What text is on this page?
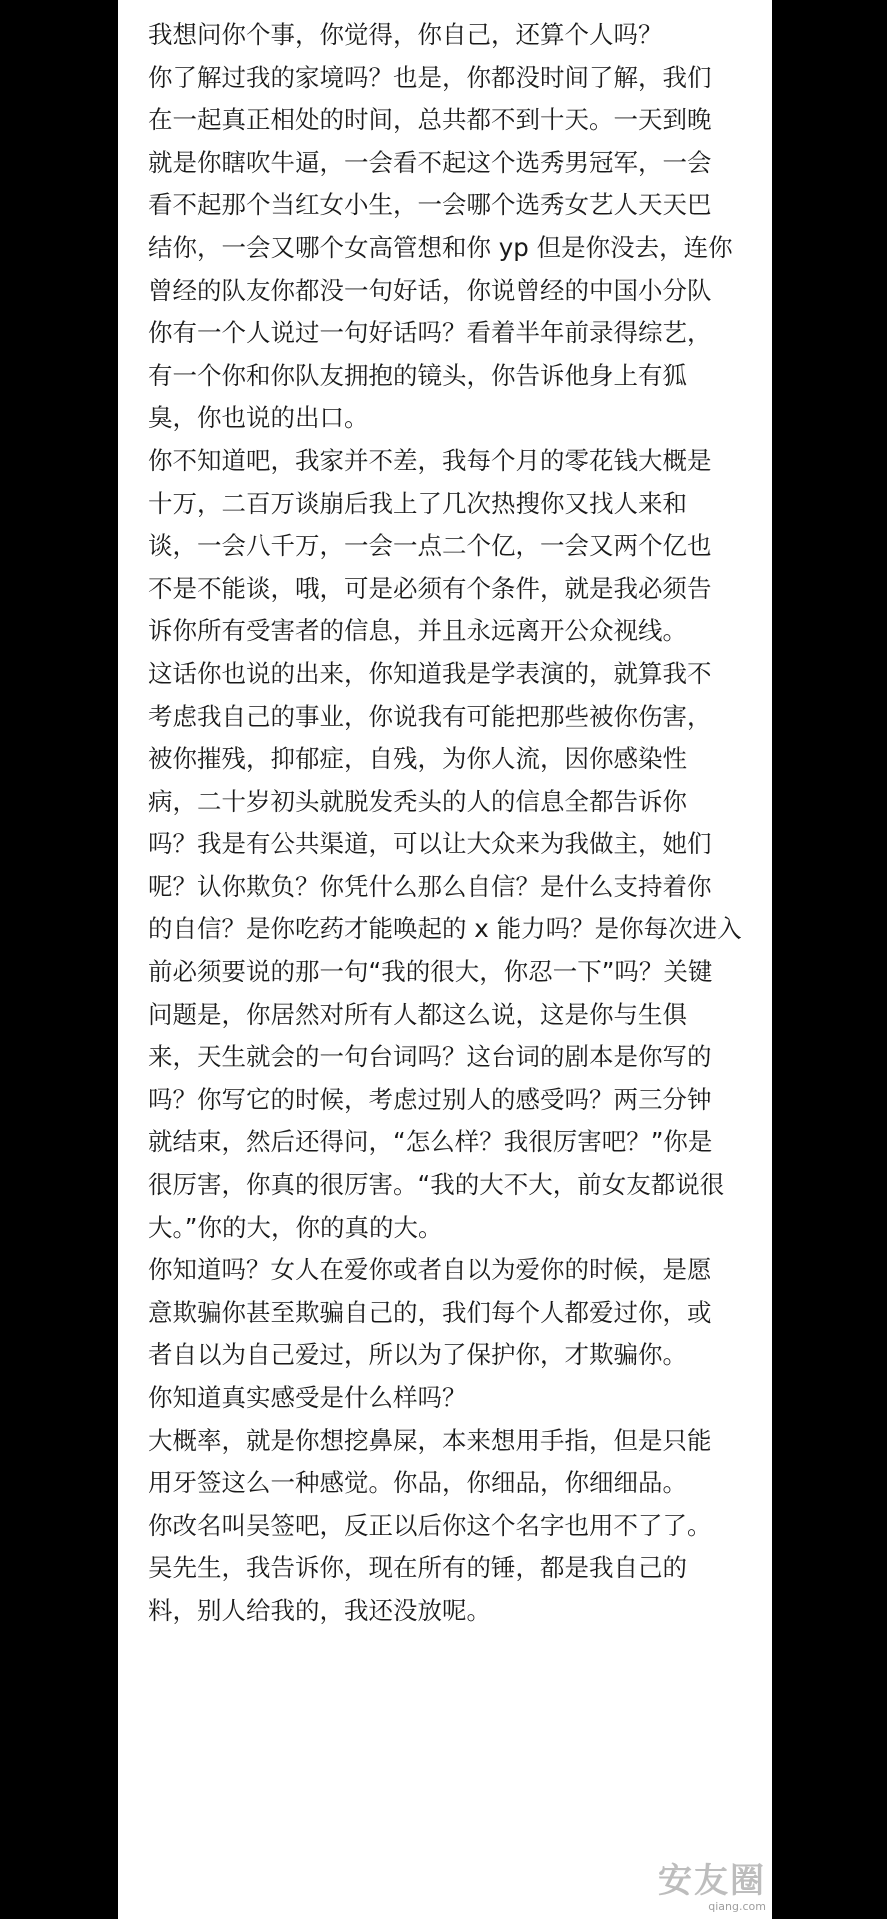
我想问你个事，你觉得，你自己，还算个人吗？
你了解过我的家境吗？也是，你都没时间了解，我们
在一起真正相处的时间，总共都不到十天。一天到晚
就是你瞎吹牛逼，一会看不起这个选秀男冠军，一会
看不起那个当红女小生，一会哪个选秀女艺人天天巴
结你，一会又哪个女高管想和你 yp 但是你没去，连你
曾经的队友你都没一句好话，你说曾经的中国小分队
你有一个人说过一句好话吗？看着半年前录得综艺，
有一个你和你队友拥抱的镜头，你告诉他身上有狐
臭，你也说的出口。
你不知道吧，我家并不差，我每个月的零花钱大概是
十万，二百万谈崩后我上了几次热搜你又找人来和
谈，一会八千万，一会一点二个亿，一会又两个亿也
不是不能谈，哦，可是必须有个条件，就是我必须告
诉你所有受害者的信息，并且永远离开公众视线。
这话你也说的出来，你知道我是学表演的，就算我不
考虑我自己的事业，你说我有可能把那些被你伤害，
被你摧残，抑郁症，自残，为你人流，因你感染性
病，二十岁初头就脱发秃头的人的信息全都告诉你
吗？我是有公共渠道，可以让大众来为我做主，她们
呢？认你欺负？你凭什么那么自信？是什么支持着你
的自信？是你吃药才能唤起的 x 能力吗？是你每次进入
前必须要说的那一句“我的很大，你忍一下”吗？关键
问题是，你居然对所有人都这么说，这是你与生俱
来，天生就会的一句台词吗？这台词的剧本是你写的
吗？你写它的时候，考虑过别人的感受吗？两三分钟
就结束，然后还得问，“怎么样？我很厉害吧？”你是
很厉害，你真的很厉害。“我的大不大，前女友都说很
大。”你的大，你的真的大。
你知道吗？女人在爱你或者自以为爱你的时候，是愿
意欺骗你甚至欺骗自己的，我们每个人都爱过你，或
者自以为自己爱过，所以为了保护你，才欺骗你。
你知道真实感受是什么样吗？
大概率，就是你想挖鼻屎，本来想用手指，但是只能
用牙签这么一种感觉。你品，你细品，你细细品。
你改名叫吴签吧，反正以后你这个名字也用不了了。
吴先生，我告诉你，现在所有的锤，都是我自己的
料，别人给我的，我还没放呢。
安友圈
qiang.com
